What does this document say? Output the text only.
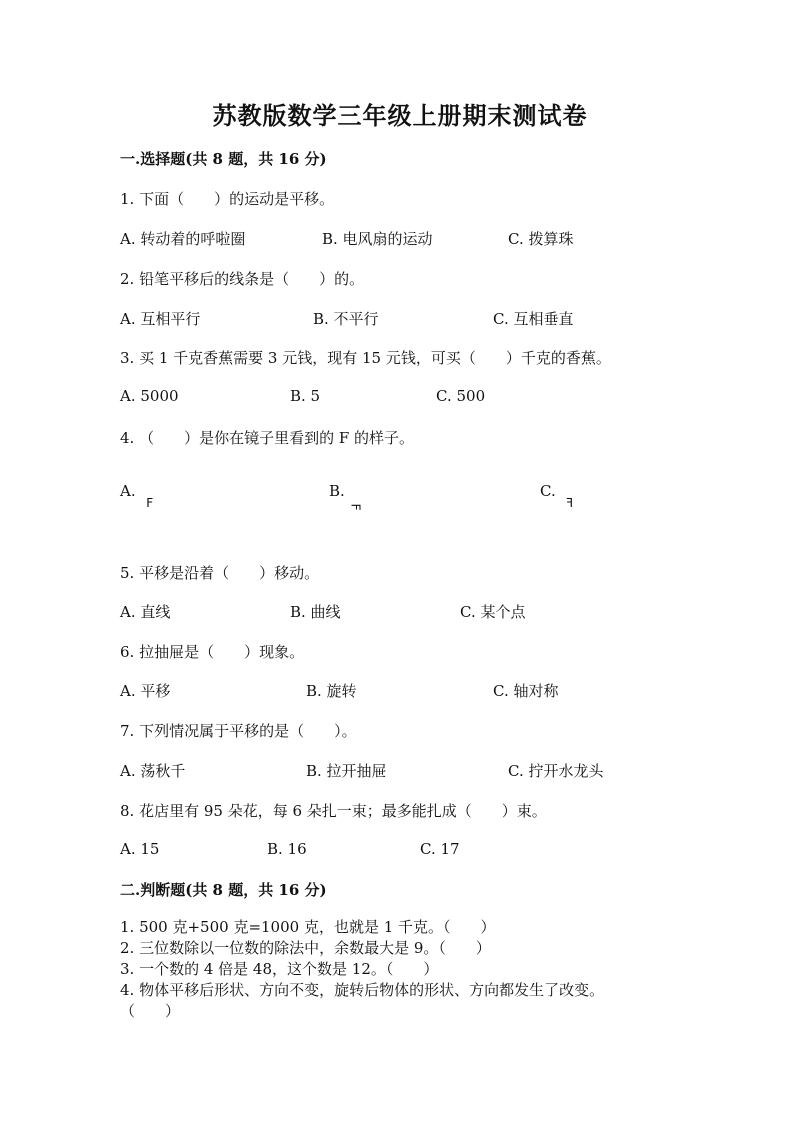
苏教版数学三年级上册期末测试卷
一.选择题(共 8 题，共 16 分)
1. 下面（　　）的运动是平移。
A. 转动着的呼啦圈	B. 电风扇的运动	C. 拨算珠
2. 铅笔平移后的线条是（　　）的。
A. 互相平行	B. 不平行	C. 互相垂直
3. 买 1 千克香蕉需要 3 元钱，现有 15 元钱，可买（　　）千克的香蕉。
A. 5000	B. 5	C. 500
4. （　　）是你在镜子里看到的 F 的样子。
A.
F
B.
F
C.
F
5. 平移是沿着（　　）移动。
A. 直线	B. 曲线	C. 某个点
6. 拉抽屉是（　　）现象。
A. 平移	B. 旋转	C. 轴对称
7. 下列情况属于平移的是（　　）。
A. 荡秋千	B. 拉开抽屉	C. 拧开水龙头
8. 花店里有 95 朵花，每 6 朵扎一束；最多能扎成（　　）束。
A. 15	B. 16	C. 17
二.判断题(共 8 题，共 16 分)
1. 500 克+500 克=1000 克，也就是 1 千克。（　　）
2. 三位数除以一位数的除法中，余数最大是 9。（　　）
3. 一个数的 4 倍是 48，这个数是 12。（　　）
4. 物体平移后形状、方向不变，旋转后物体的形状、方向都发生了改变。
（　　）
